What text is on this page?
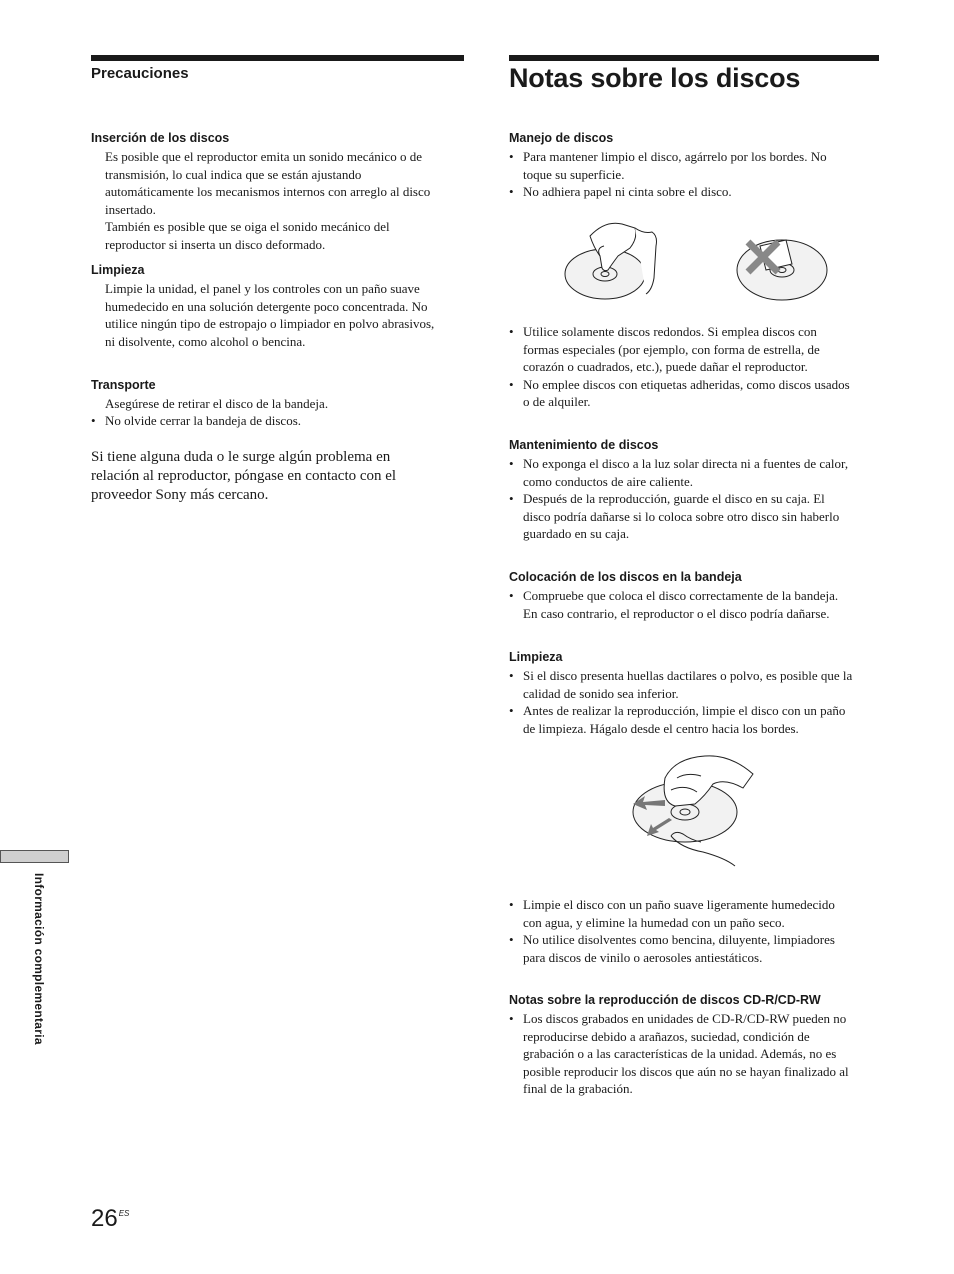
Precauciones
Inserción de los discos

Es posible que el reproductor emita un sonido mecánico o de

transmisión, lo cual indica que se están ajustando

automáticamente los mecanismos internos con arreglo al disco

insertado.

También es posible que se oiga el sonido mecánico del

reproductor si inserta un disco deformado.

Limpieza

Limpie la unidad, el panel y los controles con un paño suave

humedecido en una solución detergente poco concentrada. No

utilice ningún tipo de estropajo o limpiador en polvo abrasivos,

ni disolvente, como alcohol o bencina.

Transporte

Asegúrese de retirar el disco de la bandeja.

• No olvide cerrar la bandeja de discos.
Si tiene alguna duda o le surge algún problema en
relación al reproductor, póngase en contacto con el
proveedor Sony más cercano.
Notas sobre los discos
Manejo de discos
• Para mantener limpio el disco, agárrelo por los bordes. No
toque su superficie.
• No adhiera papel ni cinta sobre el disco.
• Utilice solamente discos redondos. Si emplea discos con
formas especiales (por ejemplo, con forma de estrella, de
corazón o cuadrados, etc.), puede dañar el reproductor.
• No emplee discos con etiquetas adheridas, como discos usados
o de alquiler.
Mantenimiento de discos
• No exponga el disco a la luz solar directa ni a fuentes de calor,
como conductos de aire caliente.
• Después de la reproducción, guarde el disco en su caja. El
disco podría dañarse si lo coloca sobre otro disco sin haberlo
guardado en su caja.
Colocación de los discos en la bandeja
• Compruebe que coloca el disco correctamente de la bandeja.
En caso contrario, el reproductor o el disco podría dañarse.
Limpieza
• Si el disco presenta huellas dactilares o polvo, es posible que la
calidad de sonido sea inferior.
• Antes de realizar la reproducción, limpie el disco con un paño
de limpieza. Hágalo desde el centro hacia los bordes.
• Limpie el disco con un paño suave ligeramente humedecido
con agua, y elimine la humedad con un paño seco.
• No utilice disolventes como bencina, diluyente, limpiadores
para discos de vinilo o aerosoles antiestáticos.
Notas sobre la reproducción de discos CD-R/CD-RW
• Los discos grabados en unidades de CD-R/CD-RW pueden no
reproducirse debido a arañazos, suciedad, condición de
grabación o a las características de la unidad. Además, no es
posible reproducir los discos que aún no se hayan finalizado al
final de la grabación.
Información complementaria
$26^{ES}$
